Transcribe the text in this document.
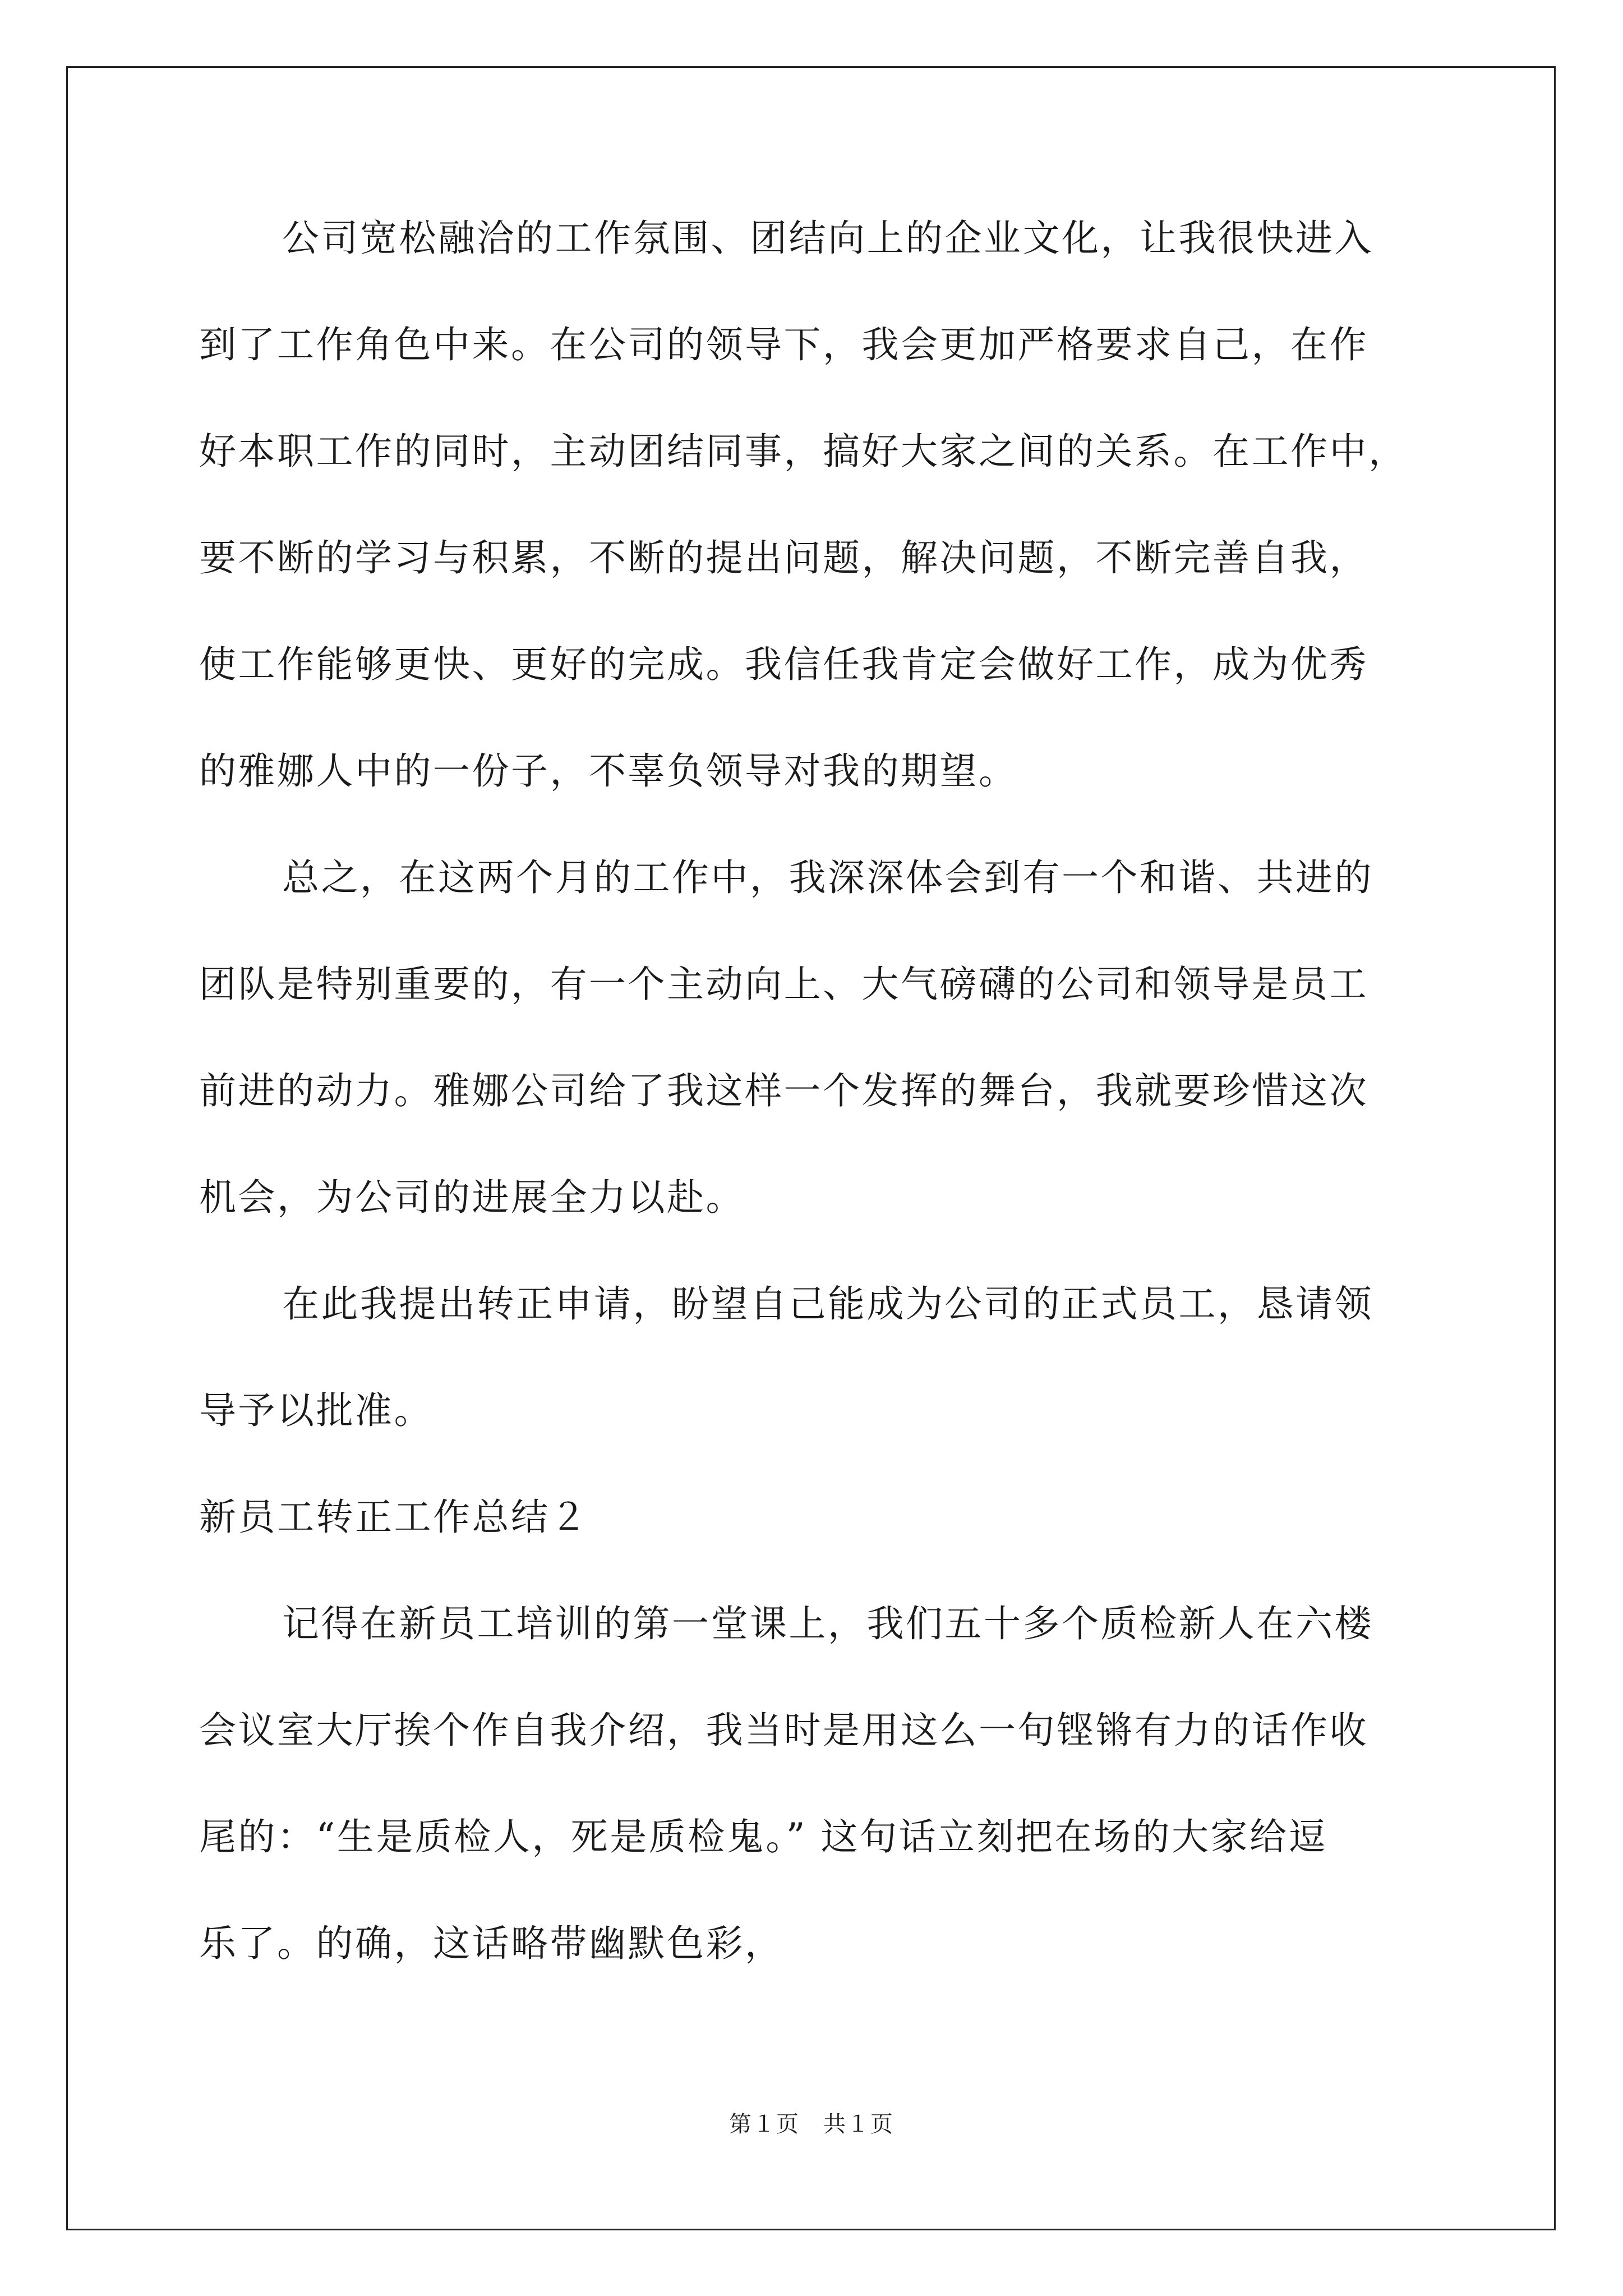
公司宽松融洽的工作氛围、团结向上的企业文化，让我很快进入
到了工作角色中来。在公司的领导下，我会更加严格要求自己，在作
好本职工作的同时，主动团结同事，搞好大家之间的关系。在工作中，
要不断的学习与积累，不断的提出问题，解决问题，不断完善自我，
使工作能够更快、更好的完成。我信任我肯定会做好工作，成为优秀
的雅娜人中的一份子，不辜负领导对我的期望。
总之，在这两个月的工作中，我深深体会到有一个和谐、共进的
团队是特别重要的，有一个主动向上、大气磅礴的公司和领导是员工
前进的动力。雅娜公司给了我这样一个发挥的舞台，我就要珍惜这次
机会，为公司的进展全力以赴。
在此我提出转正申请，盼望自己能成为公司的正式员工，恳请领
导予以批准。
新员工转正工作总结２
记得在新员工培训的第一堂课上，我们五十多个质检新人在六楼
会议室大厅挨个作自我介绍，我当时是用这么一句铿锵有力的话作收
尾的：“生是质检人，死是质检鬼。” 这句话立刻把在场的大家给逗
乐了。的确，这话略带幽默色彩，
第１页　共１页
